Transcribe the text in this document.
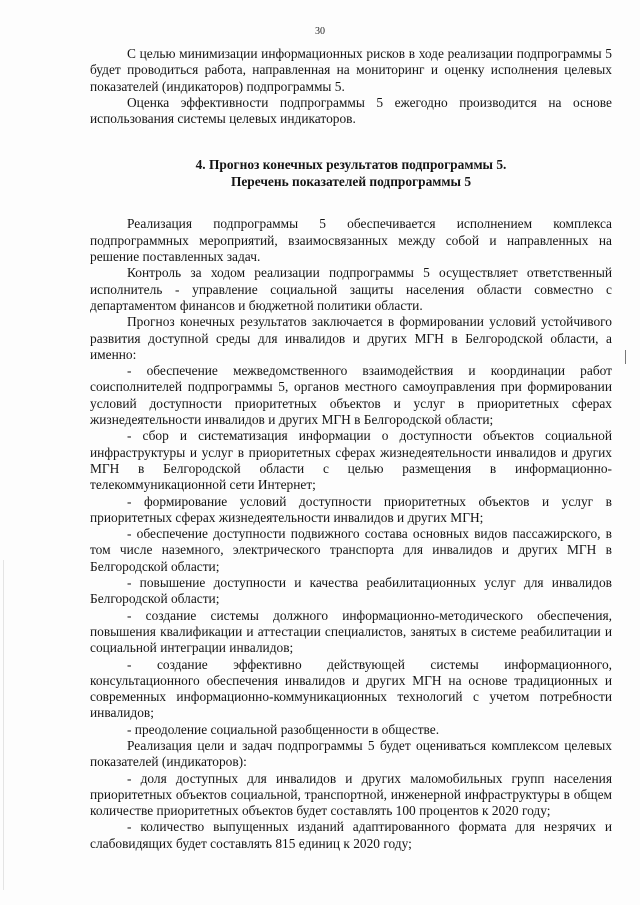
30

С целью минимизации информационных рисков в ходе реализации подпрограммы 5 будет проводиться работа, направленная на мониторинг и оценку исполнения целевых показателей (индикаторов) подпрограммы 5.

Оценка эффективности подпрограммы 5 ежегодно производится на основе использования системы целевых индикаторов.

4. Прогноз конечных результатов подпрограммы 5.

Перечень показателей подпрограммы 5

Реализация подпрограммы 5 обеспечивается исполнением комплекса подпрограммных мероприятий, взаимосвязанных между собой и направленных на решение поставленных задач.

Контроль за ходом реализации подпрограммы 5 осуществляет ответственный исполнитель - управление социальной защиты населения области совместно с департаментом финансов и бюджетной политики области.

Прогноз конечных результатов заключается в формировании условий устойчивого развития доступной среды для инвалидов и других МГН в Белгородской области, а именно:

- обеспечение межведомственного взаимодействия и координации работ соисполнителей подпрограммы 5, органов местного самоуправления при формировании условий доступности приоритетных объектов и услуг в приоритетных сферах жизнедеятельности инвалидов и других МГН в Белгородской области;

- сбор и систематизация информации о доступности объектов социальной инфраструктуры и услуг в приоритетных сферах жизнедеятельности инвалидов и других МГН в Белгородской области с целью размещения в информационно-телекоммуникационной сети Интернет;

- формирование условий доступности приоритетных объектов и услуг в приоритетных сферах жизнедеятельности инвалидов и других МГН;

- обеспечение доступности подвижного состава основных видов пассажирского, в том числе наземного, электрического транспорта для инвалидов и других МГН в Белгородской области;

- повышение доступности и качества реабилитационных услуг для инвалидов Белгородской области;

- создание системы должного информационно-методического обеспечения, повышения квалификации и аттестации специалистов, занятых в системе реабилитации и социальной интеграции инвалидов;

- создание эффективно действующей системы информационного, консультационного обеспечения инвалидов и других МГН на основе традиционных и современных информационно-коммуникационных технологий с учетом потребности инвалидов;

- преодоление социальной разобщенности в обществе.

Реализация цели и задач подпрограммы 5 будет оцениваться комплексом целевых показателей (индикаторов):

- доля доступных для инвалидов и других маломобильных групп населения приоритетных объектов социальной, транспортной, инженерной инфраструктуры в общем количестве приоритетных объектов будет составлять 100 процентов к 2020 году;

- количество выпущенных изданий адаптированного формата для незрячих и слабовидящих будет составлять 815 единиц к 2020 году;
